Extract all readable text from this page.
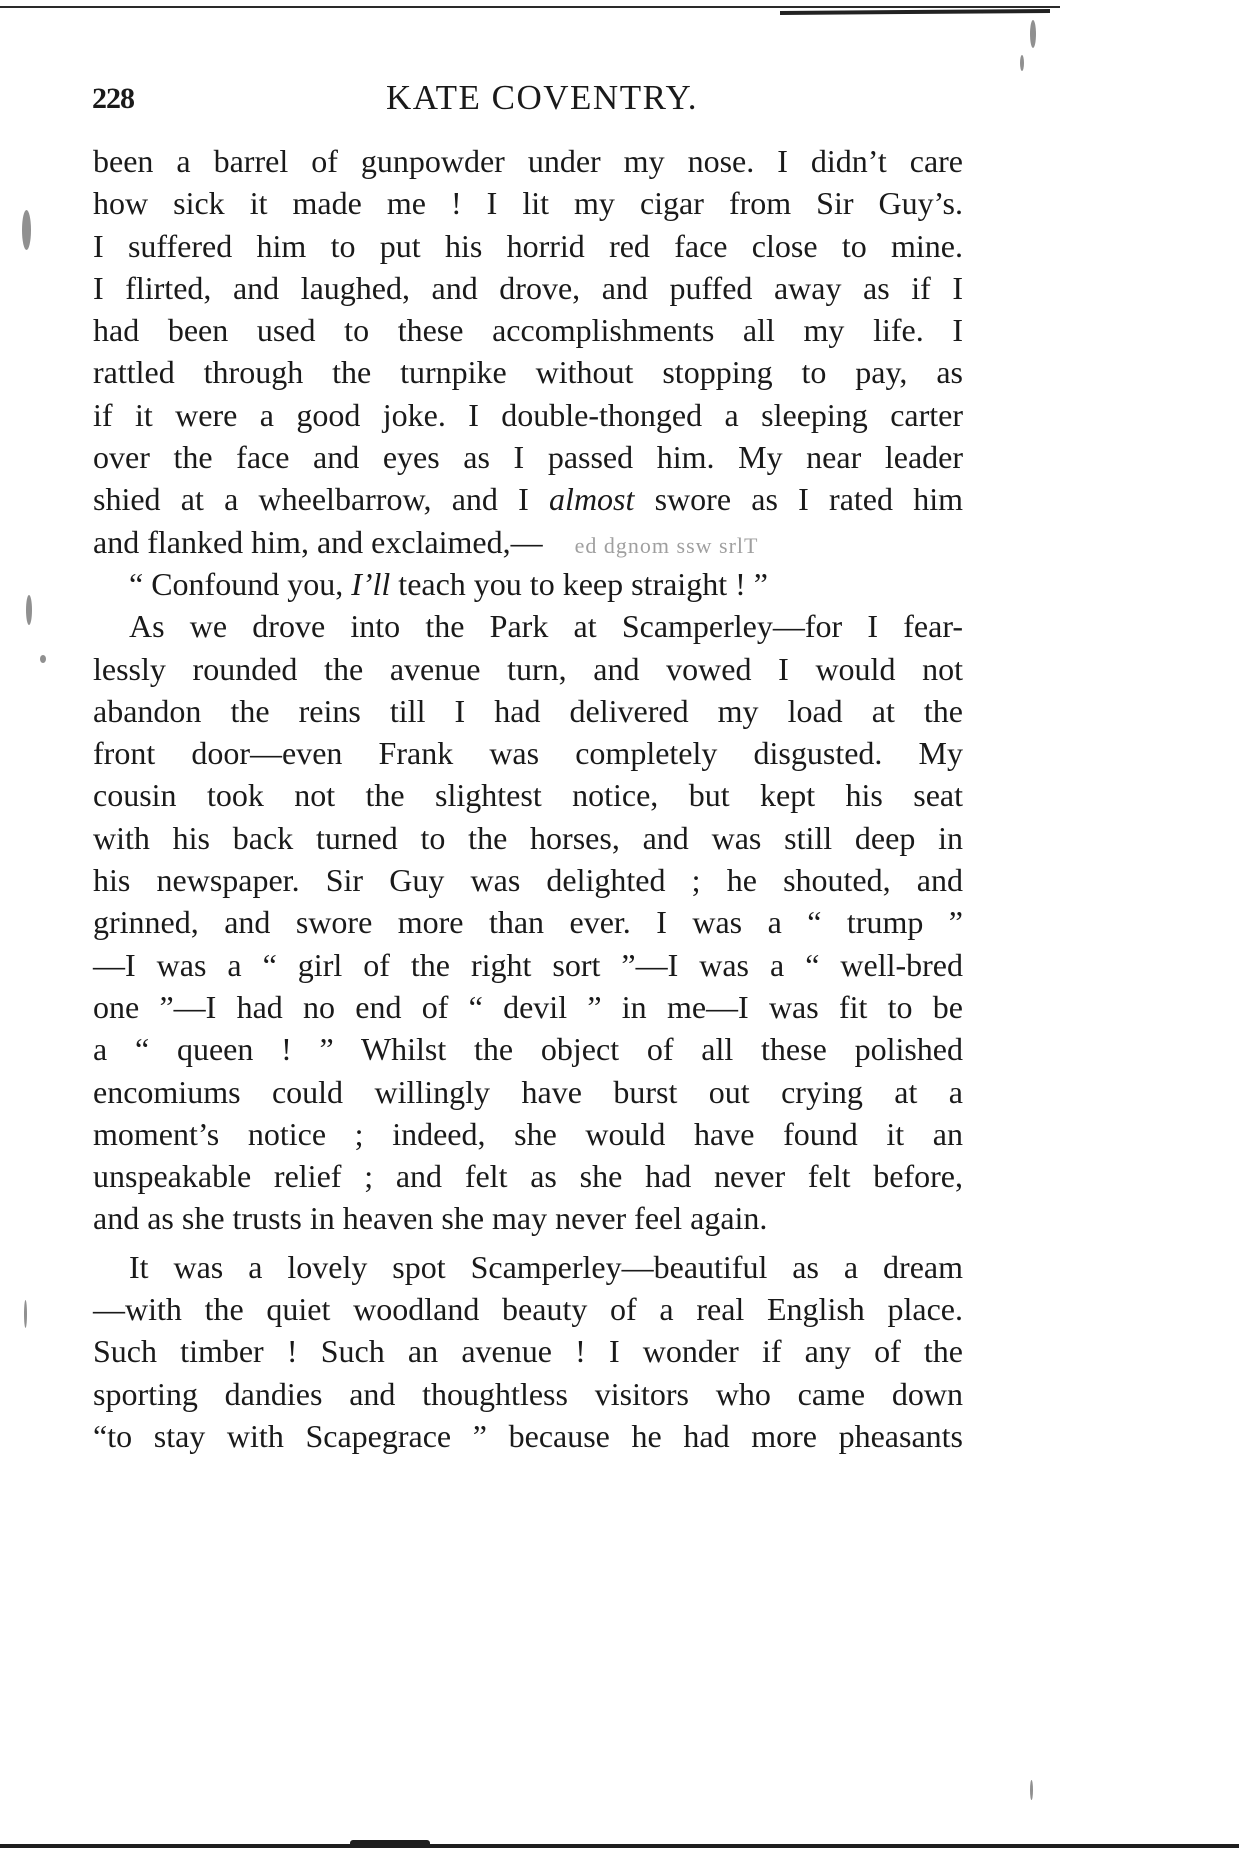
228	KATE COVENTRY.
been a barrel of gunpowder under my nose. I didn’t care
how sick it made me ! I lit my cigar from Sir Guy’s.
I suffered him to put his horrid red face close to mine.
I flirted, and laughed, and drove, and puffed away as if I
had been used to these accomplishments all my life. I
rattled through the turnpike without stopping to pay, as
if it were a good joke. I double-thonged a sleeping carter
over the face and eyes as I passed him. My near leader
shied at a wheelbarrow, and I almost swore as I rated him
and flanked him, and exclaimed,— ed dgnom ssw srlT
“ Confound you, I’ll teach you to keep straight ! ”
As we drove into the Park at Scamperley—for I fear-
lessly rounded the avenue turn, and vowed I would not
abandon the reins till I had delivered my load at the
front door—even Frank was completely disgusted. My
cousin took not the slightest notice, but kept his seat
with his back turned to the horses, and was still deep in
his newspaper. Sir Guy was delighted ; he shouted, and
grinned, and swore more than ever. I was a “ trump ”
—I was a “ girl of the right sort ”—I was a “ well-bred
one ”—I had no end of “ devil ” in me—I was fit to be
a “ queen ! ” Whilst the object of all these polished
encomiums could willingly have burst out crying at a
moment’s notice ; indeed, she would have found it an
unspeakable relief ; and felt as she had never felt before,
and as she trusts in heaven she may never feel again.
It was a lovely spot Scamperley—beautiful as a dream
—with the quiet woodland beauty of a real English place.
Such timber ! Such an avenue ! I wonder if any of the
sporting dandies and thoughtless visitors who came down
“to stay with Scapegrace ” because he had more pheasants
